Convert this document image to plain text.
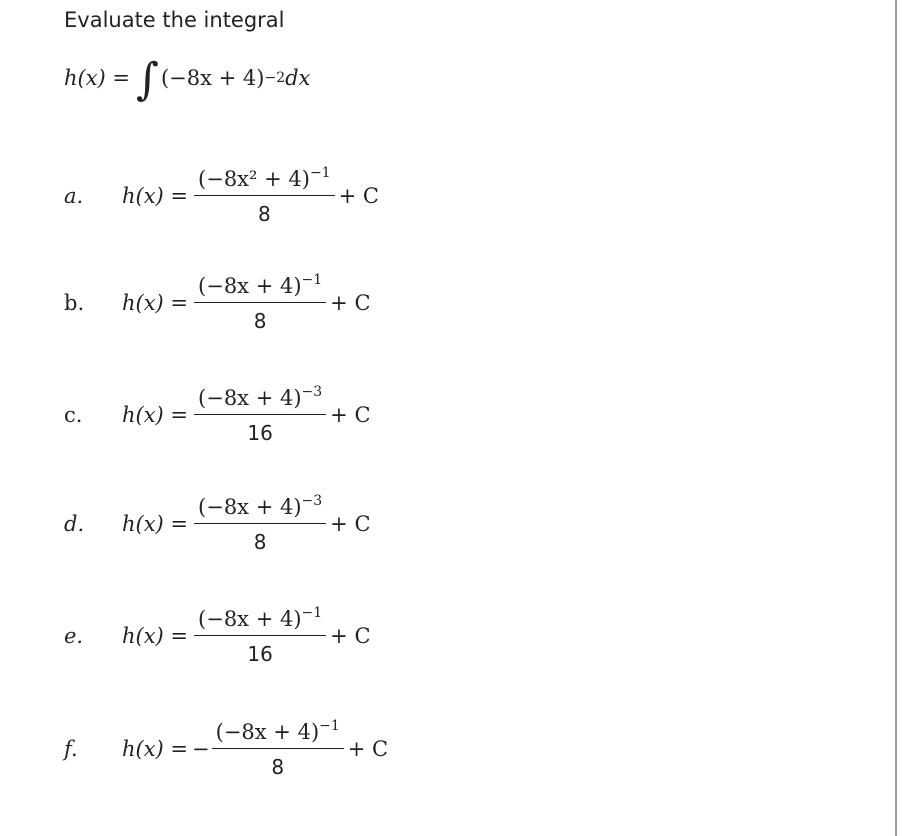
Evaluate the integral
h(x) = ∫ (−8x + 4) −2 dx
a.	$h(x) = \frac{(-8x^2 + 4)^{-1}}{8} + C$
b.	$h(x) = \frac{(-8x + 4)^{-1}}{8} + C$
c.	$h(x) = \frac{(-8x + 4)^{-3}}{16} + C$
d.	$h(x) = \frac{(-8x + 4)^{-3}}{8} + C$
e.	$h(x) = \frac{(-8x + 4)^{-1}}{16} + C$
f.	h(x) = − $\frac{(-8x + 4)^{-1}}{8} + C$
